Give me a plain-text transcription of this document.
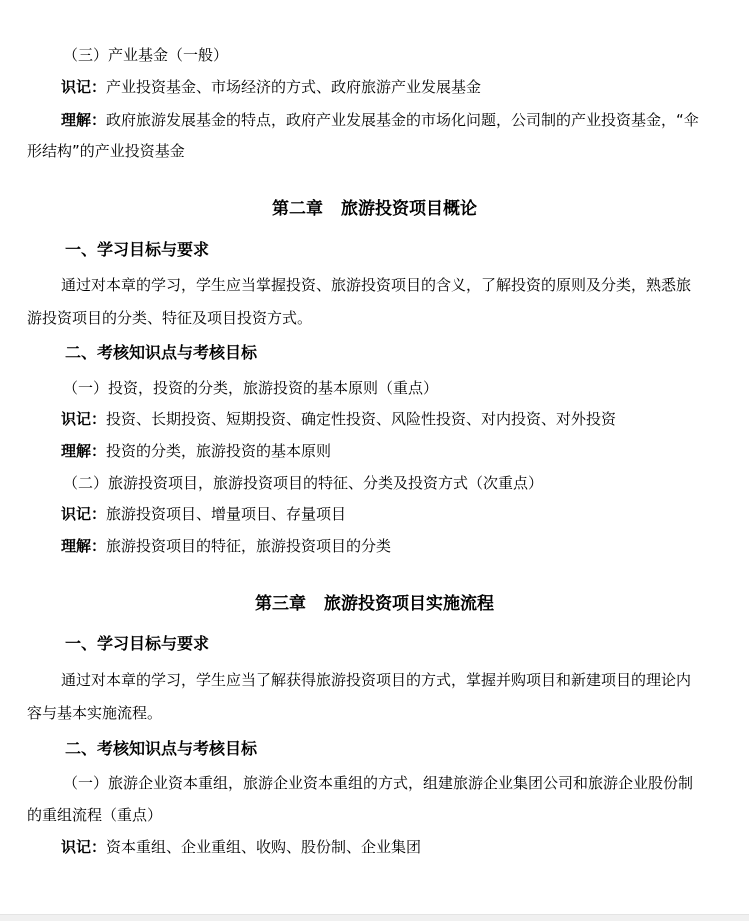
（三）产业基金（一般）
识记：产业投资基金、市场经济的方式、政府旅游产业发展基金
理解：政府旅游发展基金的特点，政府产业发展基金的市场化问题，公司制的产业投资基金，“伞
形结构”的产业投资基金
第二章 旅游投资项目概论
一、学习目标与要求
通过对本章的学习，学生应当掌握投资、旅游投资项目的含义，了解投资的原则及分类，熟悉旅
游投资项目的分类、特征及项目投资方式。
二、考核知识点与考核目标
（一）投资，投资的分类，旅游投资的基本原则（重点）
识记：投资、长期投资、短期投资、确定性投资、风险性投资、对内投资、对外投资
理解：投资的分类，旅游投资的基本原则
（二）旅游投资项目，旅游投资项目的特征、分类及投资方式（次重点）
识记：旅游投资项目、增量项目、存量项目
理解：旅游投资项目的特征，旅游投资项目的分类
第三章 旅游投资项目实施流程
一、学习目标与要求
通过对本章的学习，学生应当了解获得旅游投资项目的方式，掌握并购项目和新建项目的理论内
容与基本实施流程。
二、考核知识点与考核目标
（一）旅游企业资本重组，旅游企业资本重组的方式，组建旅游企业集团公司和旅游企业股份制
的重组流程（重点）
识记：资本重组、企业重组、收购、股份制、企业集团
